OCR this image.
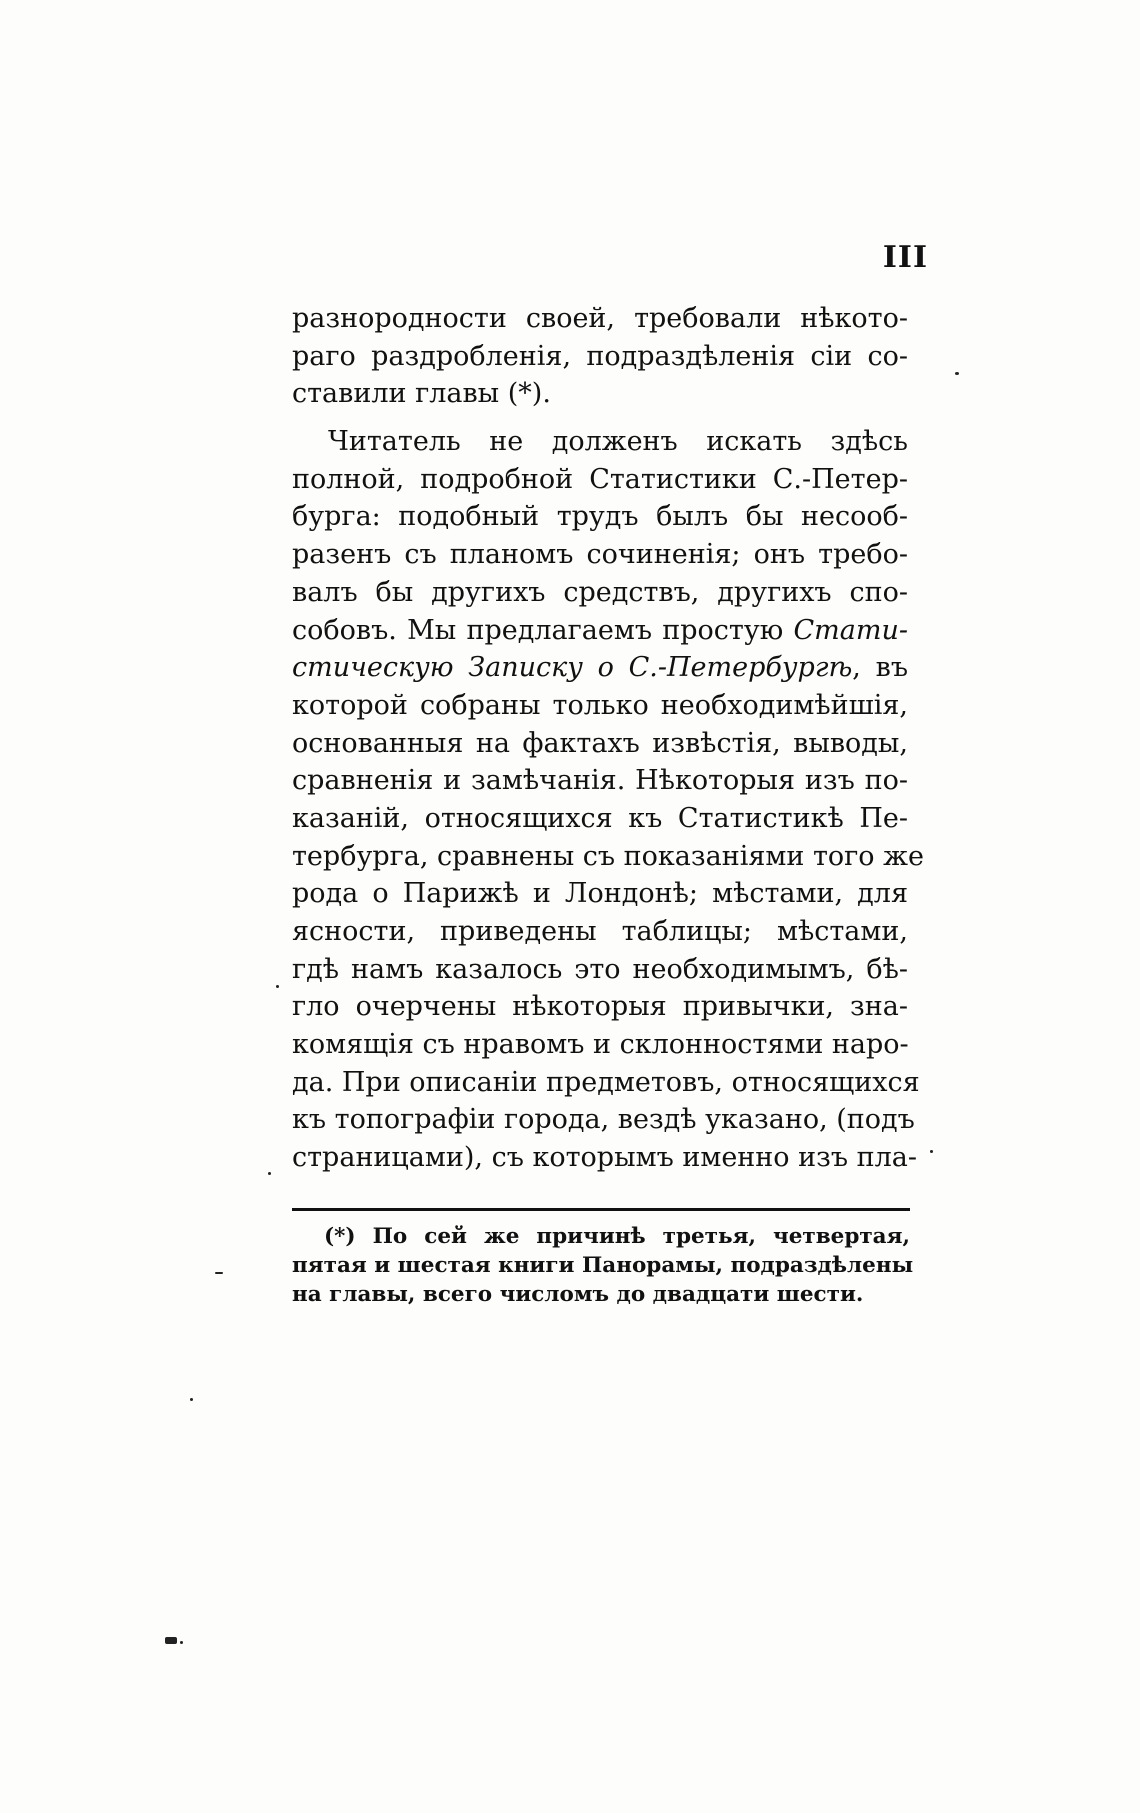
III
разнородности своей, требовали нѣкото-
раго раздробленія, подраздѣленія сіи со-
ставили главы (*).
Читатель не долженъ искать здѣсь
полной, подробной Статистики С.-Петер-
бурга: подобный трудъ былъ бы несооб-
разенъ съ планомъ сочиненія; онъ требо-
валъ бы другихъ средствъ, другихъ спо-
собовъ. Мы предлагаемъ простую Стати-
стическую Записку о С.-Петербургѣ, въ
которой собраны только необходимѣйшія,
основанныя на фактахъ извѣстія, выводы,
сравненія и замѣчанія. Нѣкоторыя изъ по-
казаній, относящихся къ Статистикѣ Пе-
тербурга, сравнены съ показаніями того же
рода о Парижѣ и Лондонѣ; мѣстами, для
ясности, приведены таблицы; мѣстами,
гдѣ намъ казалось это необходимымъ, бѣ-
гло очерчены нѣкоторыя привычки, зна-
комящія съ нравомъ и склонностями наро-
да. При описаніи предметовъ, относящихся
къ топографіи города, вездѣ указано, (подъ
страницами), съ которымъ именно изъ пла-
(*) По сей же причинѣ третья, четвертая,
пятая и шестая книги Панорамы, подраздѣлены
на главы, всего числомъ до двадцати шести.
